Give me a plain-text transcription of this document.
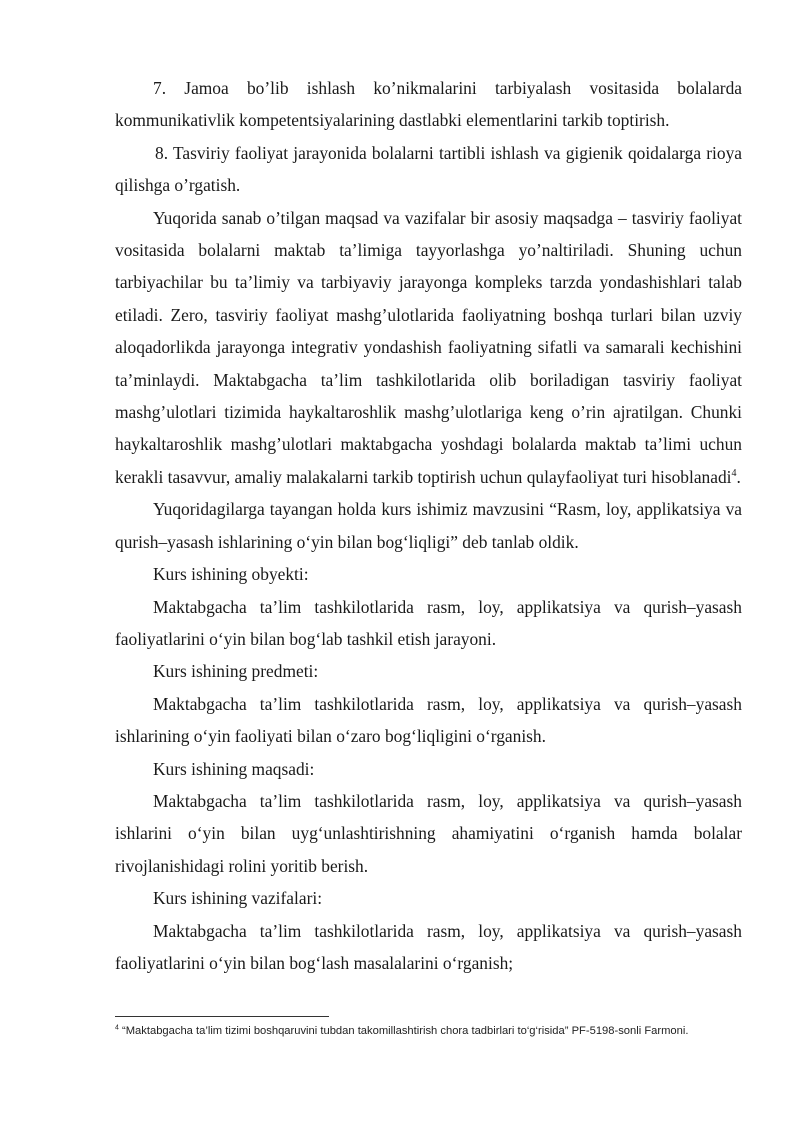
7. Jamoa bo’lib ishlash ko’nikmalarini tarbiyalash vositasida bolalarda kommunikativlik kompetentsiyalarining dastlabki elementlarini tarkib toptirish.

8. Tasviriy faoliyat jarayonida bolalarni tartibli ishlash va gigienik qoidalarga rioya qilishga o’rgatish.

Yuqorida sanab o’tilgan maqsad va vazifalar bir asosiy maqsadga – tasviriy faoliyat vositasida bolalarni maktab ta’limiga tayyorlashga yo’naltiriladi. Shuning uchun tarbiyachilar bu ta’limiy va tarbiyaviy jarayonga kompleks tarzda yondashishlari talab etiladi. Zero, tasviriy faoliyat mashg’ulotlarida faoliyatning boshqa turlari bilan uzviy aloqadorlikda jarayonga integrativ yondashish faoliyatning sifatli va samarali kechishini ta’minlaydi. Maktabgacha ta’lim tashkilotlarida olib boriladigan tasviriy faoliyat mashg’ulotlari tizimida haykaltaroshlik mashg’ulotlariga keng o’rin ajratilgan. Chunki haykaltaroshlik mashg’ulotlari maktabgacha yoshdagi bolalarda maktab ta’limi uchun kerakli tasavvur, amaliy malakalarni tarkib toptirish uchun qulayfaoliyat turi hisoblanadi$^4$.

Yuqoridagilarga tayangan holda kurs ishimiz mavzusini “Rasm, loy, applikatsiya va qurish–yasash ishlarining o‘yin bilan bog‘liqligi” deb tanlab oldik.

Kurs ishining obyekti:

Maktabgacha ta’lim tashkilotlarida rasm, loy, applikatsiya va qurish–yasash faoliyatlarini o‘yin bilan bog‘lab tashkil etish jarayoni.

Kurs ishining predmeti:

Maktabgacha ta’lim tashkilotlarida rasm, loy, applikatsiya va qurish–yasash ishlarining o‘yin faoliyati bilan o‘zaro bog‘liqligini o‘rganish.

Kurs ishining maqsadi:

Maktabgacha ta’lim tashkilotlarida rasm, loy, applikatsiya va qurish–yasash ishlarini o‘yin bilan uyg‘unlashtirishning ahamiyatini o‘rganish hamda bolalar rivojlanishidagi rolini yoritib berish.

Kurs ishining vazifalari:

Maktabgacha ta’lim tashkilotlarida rasm, loy, applikatsiya va qurish–yasash faoliyatlarini o‘yin bilan bog‘lash masalalarini o‘rganish;

$^4$ “Maktabgacha ta’lim tizimi boshqaruvini tubdan takomillashtirish chora tadbirlari to‘g‘risida” PF-5198-sonli Farmoni.
